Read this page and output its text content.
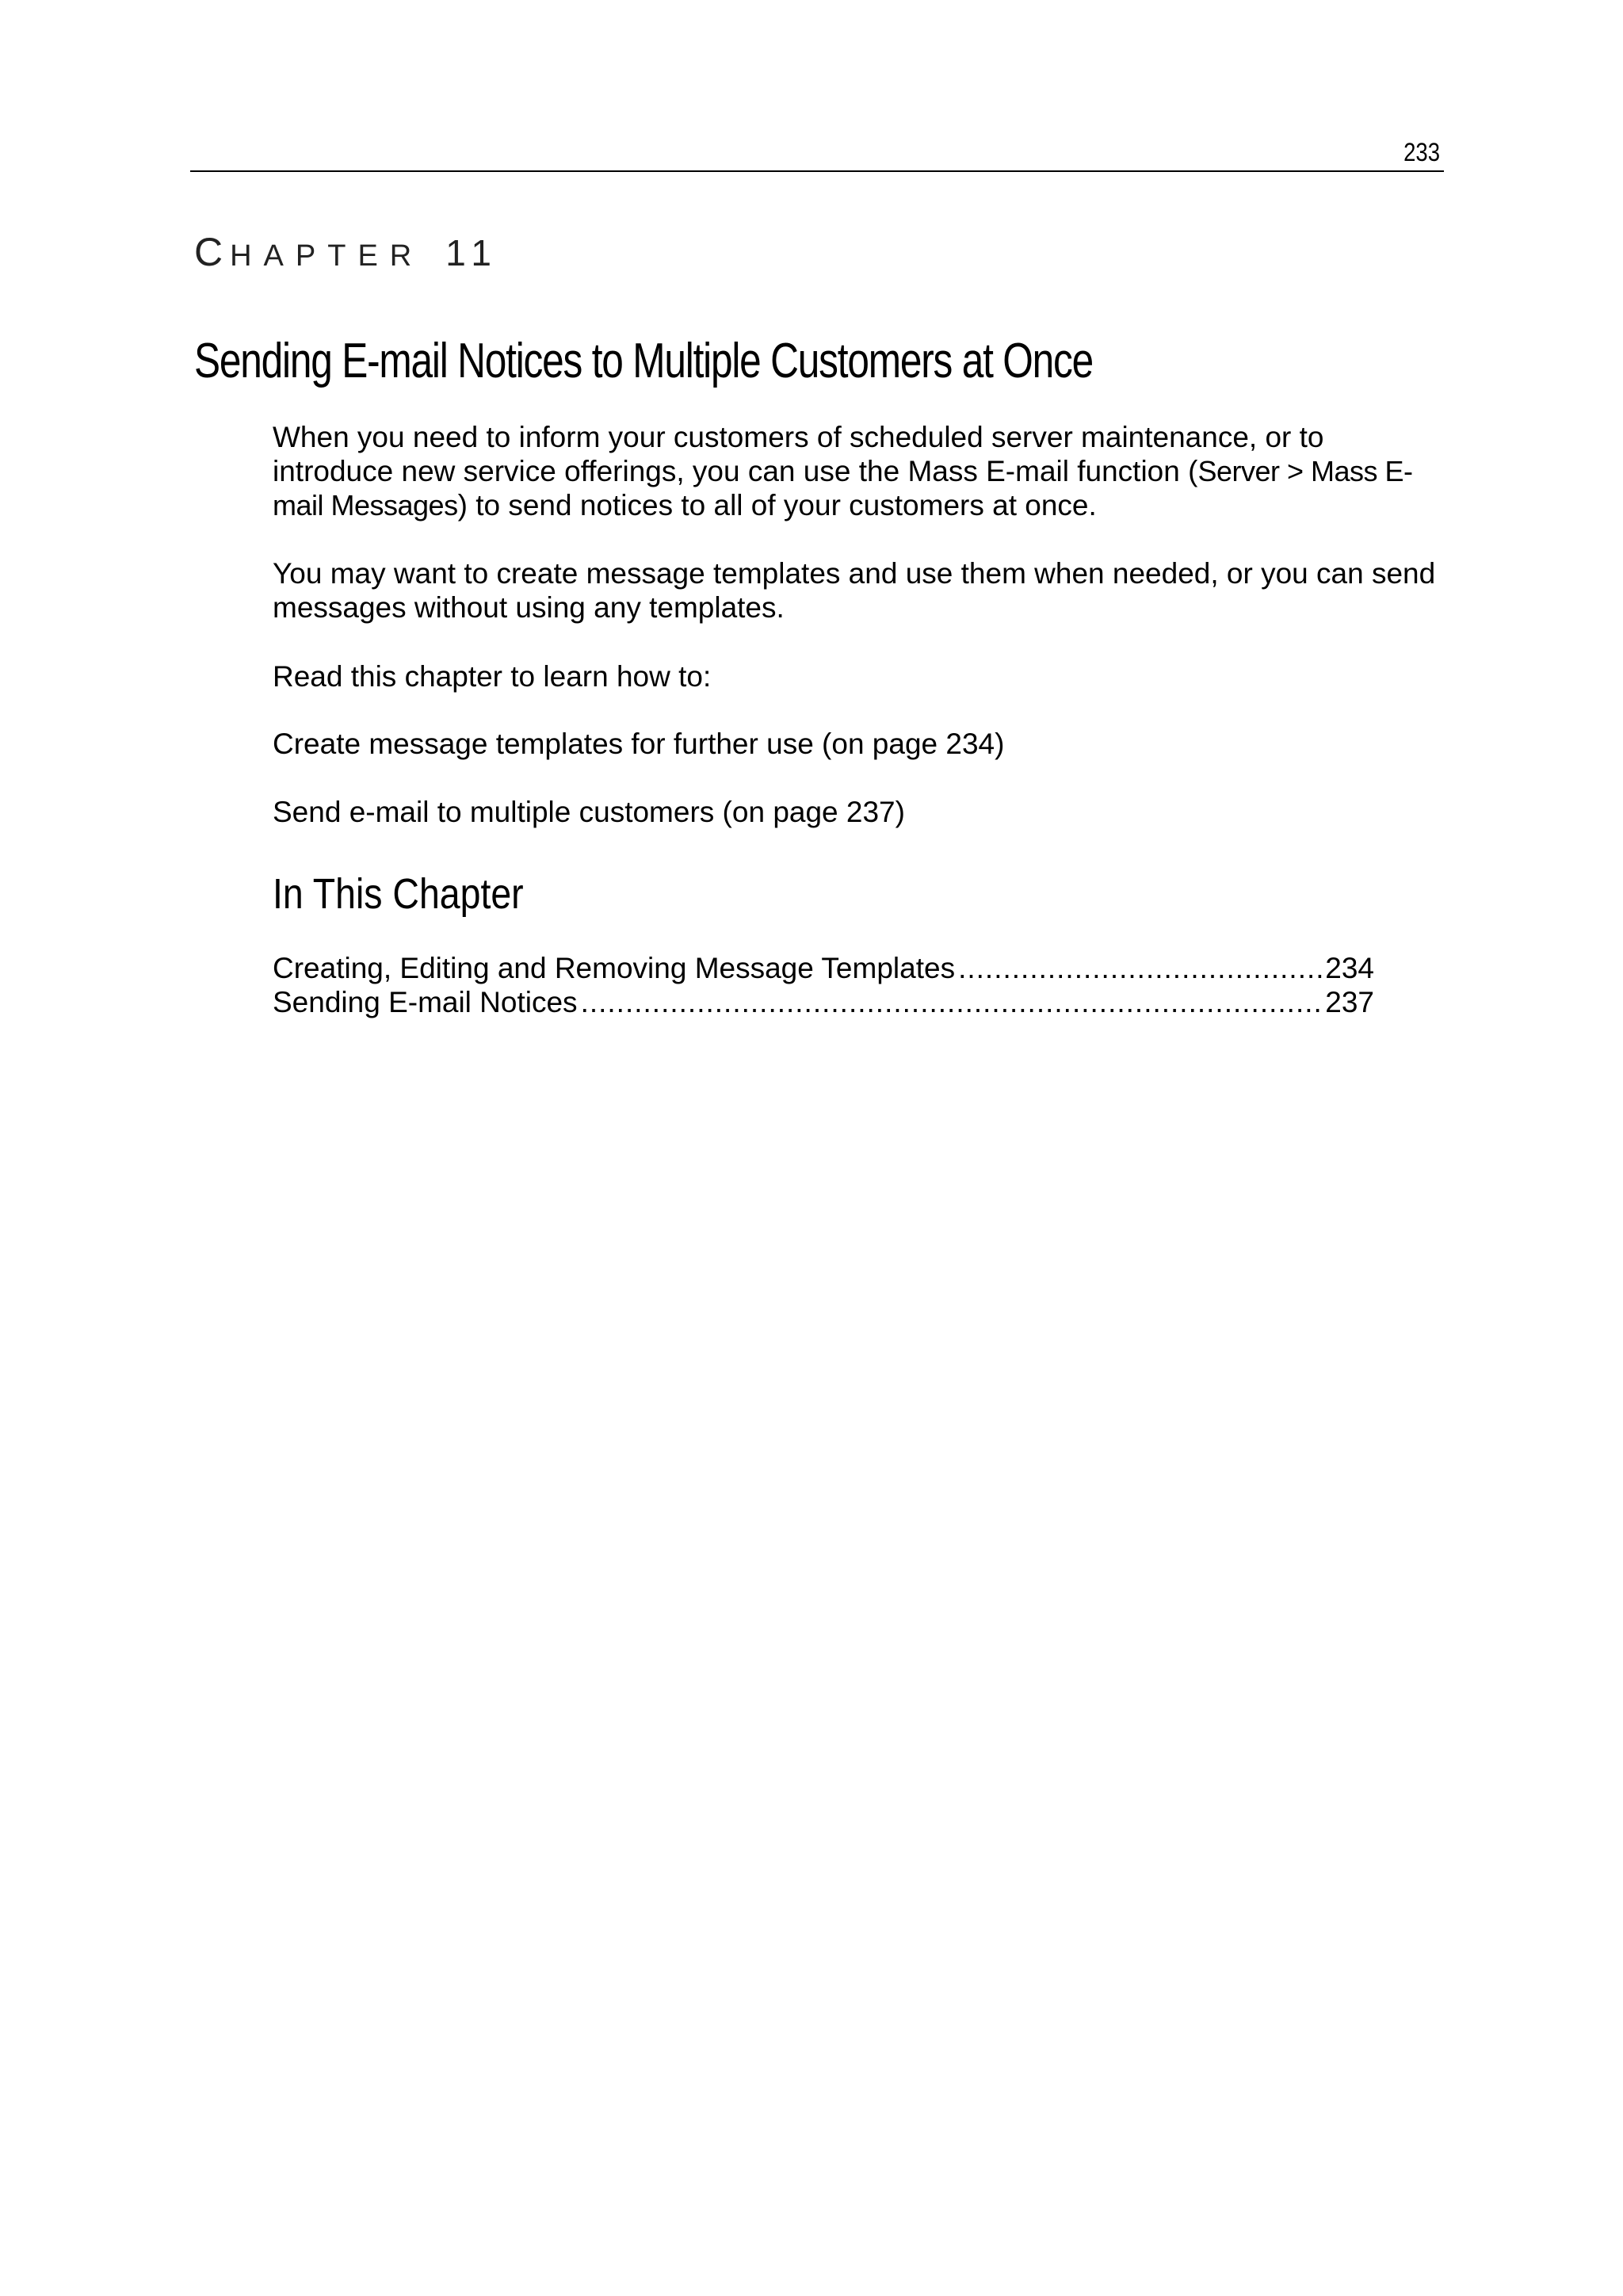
233
CHAPTER 11
Sending E-mail Notices to Multiple Customers at Once

When you need to inform your customers of scheduled server maintenance, or to introduce new service offerings, you can use the Mass E-mail function (Server > Mass E-mail Messages) to send notices to all of your customers at once.

You may want to create message templates and use them when needed, or you can send messages without using any templates.

Read this chapter to learn how to:

Create message templates for further use (on page 234)

Send e-mail to multiple customers (on page 237)

In This Chapter
Creating, Editing and Removing Message Templates .....	234
Sending E-mail Notices .....	237
